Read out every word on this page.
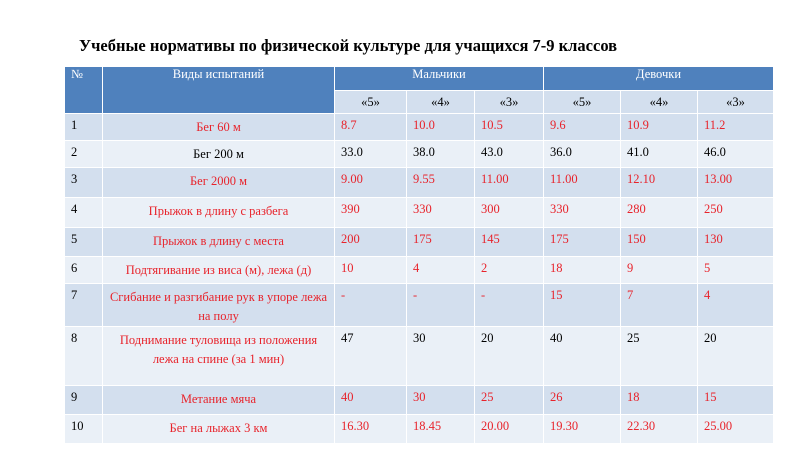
Учебные нормативы по физической культуре для учащихся 7-9 классов
№	Виды испытаний	Мальчики			Девочки		
		«5»	«4»	«3»	«5»	«4»	«3»
1	Бег 60 м	8.7	10.0	10.5	9.6	10.9	11.2
2	Бег 200 м	33.0	38.0	43.0	36.0	41.0	46.0
3	Бег 2000 м	9.00	9.55	11.00	11.00	12.10	13.00
4	Прыжок в длину с разбега	390	330	300	330	280	250
5	Прыжок в длину с места	200	175	145	175	150	130
6	Подтягивание из виса (м), лежа (д)	10	4	2	18	9	5
7	Сгибание и разгибание рук в упоре лежа на полу	-	-	-	15	7	4
8	Поднимание туловища из положения лежа на спине (за 1 мин)	47	30	20	40	25	20
9	Метание мяча	40	30	25	26	18	15
10	Бег на лыжах 3 км	16.30	18.45	20.00	19.30	22.30	25.00
